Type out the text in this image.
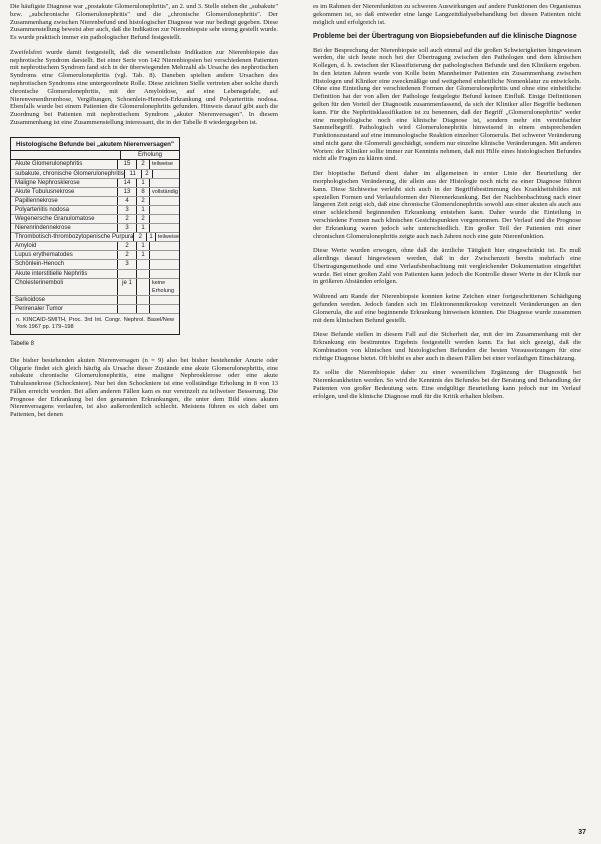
Die häufigste Diagnose war „postakute Glomerulonephritis", an 2. und 3. Stelle stehen die „subakute" bzw. „subchronische Glomerulonephritis" und die „chronische Glomerulonephritis". Der Zusammenhang zwischen Nierenbefund und histologischer Diagnose war nur bedingt gegeben. Diese Zusammenstellung beweist aber auch, daß die Indikation zur Nierenbiopsie sehr streng gestellt wurde. Es wurde praktisch immer ein pathologischer Befund festgestellt.

Zweifelsfrei wurde damit festgestellt, daß die wesentlichste Indikation zur Nierenbiopsie das nephrotische Syndrom darstellt. Bei einer Serie von 142 Nierenbiopsien bei verschiedenen Patienten mit nephrotischem Syndrom fand sich in der überwiegenden Mehrzahl als Ursache des nephrotischen Syndroms eine Glomerulonephritis (vgl. Tab. 8). Daneben spielten andere Ursachen des nephrotischen Syndroms eine untergeordnete Rolle. Diese zeichnen Stelle vertreten aber solche durch chronische Glomerulonephritis, mit der Amyloidose, auf eine Lebensgefahr, auf Nierenvenenthrombose, Vergiftungen, Schoenlein-Henoch-Erkrankung und Polyarteriitis nodosa. Ebenfalls wurde bei einem Patienten die Glomerulonephritis gefunden. Hinweis darauf gibt auch die Zuordnung bei Patienten mit nephrotischem Syndrom „akuter Nierenversagen". In diesem Zusammenhang ist eine Zusammenstellung interessant, die in der Tabelle 8 wiedergegeben ist.

Histologische Befunde bei „akutem Nierenversagen"
Erholung
Akute Glomerulonephritis	15	2	teilweise
subakute, chronische Glomerulonephritis 11	2
Maligne Nephrosklerose	14	1
Akute Tubulusnekrose	13	8	vollständig
Papillennekrose	4	2
Polyarteriitis nodosa	3	1
Wegenersche Granulomatose	2	2
Nierenrindennekrose	3	1
Thrombotisch-thrombozytopenische Purpura 2	1 teilweise
Amyloid	2	1
Lupus erythematodes	2	1
Schönlein-Henoch	3
Akute interstitielle Nephritis
Cholesterinemboli	je 1	keine Erholung
Sarkoidose
Perirenaler Tumor
n. KINCAID-SMITH, Proc. 3rd Int. Congr. Nephrol. Basel/New York 1967 pp. 179–198
Tabelle 8

Die bisher bestehenden akuten Nierenversagen (n = 9) also bei bisher bestehender Anurie oder Oligurie findet sich gleich häufig als Ursache dieser Zustände eine akute Glomerulonephritis, eine subakute chronische Glomerulonephritis, eine maligne Nephrosklerose oder eine akute Tubulusnekrose (Schockniere). Nur bei den Schockniere ist eine vollständige Erholung in 8 von 13 Fällen erreicht worden. Bei allen anderen Fällen kam es nur vereinzelt zu teilweiser Besserung. Die Prognose der Erkrankung bei den genannten Erkrankungen, die unter dem Bild eines akuten Nierenversagens verlaufen, ist also außerordentlich schlecht. Meistens führen es sich dabei um Patienten, bei denen

es im Rahmen der Nierenfunktion zu schweren Auswirkungen auf andere Funktionen des Organismus gekommen ist, so daß entweder eine lange Langzeitdialysebehandlung bei diesen Patienten nicht möglich und erfolgreich ist.

Probleme bei der Übertragung von Biopsiebefunden auf die klinische Diagnose

Bei der Besprechung der Nierenbiopsie soll auch einmal auf die großen Schwierigkeiten hingewiesen werden, die sich heute noch bei der Übertragung zwischen den Pathologen und dem klinischen Kollegen, d. h. zwischen der Klassifizierung der pathologischen Befunde und den Klinikern ergeben. In den letzten Jahren wurde von Kolle beim Mannheimer Patienten ein Zusammenhang zwischen Histologen und Kliniker eine zweckmäßige und weitgehend einheitliche Nomenklatur zu entwickeln. Ohne eine Einteilung der verschiedenen Formen der Glomerulonephritis und ohne eine einheitliche Definition hat der von allen der Pathologe festgelegte Befund keinen Einfluß. Einige Definitionen gelten für den Vorteil der Diagnostik zusammenfassend, da sich der Kliniker aller Begriffe bedienen kann. Für die Nephritisklassifikation ist zu benennen, daß der Begriff „Glomerulonephritis" weder eine morphologische noch eine klinische Diagnose ist, sondern mehr ein vereinfachter Sammelbegriff. Pathologisch wird Glomerulonephritis hinweisend in einem entsprechenden Funktionszustand auf eine immunologische Reaktion einzelner Glomerula. Bei schwerer Veränderung sind nicht ganz die Glomeruli geschädigt, sondern nur einzelne klinische Veränderungen. Mit anderen Worten: der Kliniker sollte immer zur Kenntnis nehmen, daß mit Hilfe eines histologischen Befundes nicht alle Fragen zu klären sind.

Der bioptische Befund dient daher im allgemeinen in erster Linie der Beurteilung der morphologischen Veränderung, die allein aus der Histologie noch nicht zu einer Diagnose führen kann. Diese Sichtweise verleiht sich auch in der Begriffsbestimmung des Krankheitsbildes mit speziellen Formen und Verlaufsformen der Nierenerkrankung. Bei der Nachbeobachtung nach einer längeren Zeit zeigt sich, daß eine chronische Glomerulonephritis sowohl aus einer akuten als auch aus einer schleichend beginnenden Erkrankung entstehen kann. Daher wurde die Einteilung in verschiedene Formen nach klinischen Gesichtspunkten vorgenommen. Der Verlauf und die Prognose der Erkrankung waren jedoch sehr unterschiedlich. Ein großer Teil der Patienten mit einer chronischen Glomerulonephritis zeigte auch nach Jahren noch eine gute Nierenfunktion.

Diese Werte wurden erwogen, ohne daß die ärztliche Tätigkeit hier eingeschränkt ist. Es muß allerdings darauf hingewiesen werden, daß in der Zwischenzeit bereits mehrfach eine Übertragungsmethode und eine Verlaufsbeobachtung mit vergleichender Dokumentation eingeführt wurde. Bei einer großen Zahl von Patienten kann jedoch die Kontrolle dieser Werte in der Klinik nur in größeren Abständen erfolgen.

Während am Rande der Nierenbiopsie konnten keine Zeichen einer fortgeschrittenen Schädigung gefunden werden. Jedoch fanden sich im Elektronenmikroskop vereinzelt Veränderungen an den Glomerula, die auf eine beginnende Erkrankung hinweisen könnten. Die Diagnose wurde zusammen mit dem klinischen Befund gestellt.

Diese Befunde stellen in diesem Fall auf die Sicherheit dar, mit der im Zusammenhang mit der Erkrankung ein bestimmtes Ergebnis festgestellt werden kann. Es hat sich gezeigt, daß die Kombination von klinischen und histologischen Befunden die besten Voraussetzungen für eine richtige Diagnose bietet. Oft bleibt es aber auch in diesen Fällen bei einer vorläufigen Einschätzung.

Es sollte die Nierenbiopsie daher zu einer wesentlichen Ergänzung der Diagnostik bei Nierenkrankheiten werden. So wird die Kenntnis des Befundes bei der Beratung und Behandlung der Patienten von großer Bedeutung sein. Eine endgültige Beurteilung kann jedoch nur im Verlauf erfolgen, und die klinische Diagnose muß für die Kritik erhalten bleiben.

37
